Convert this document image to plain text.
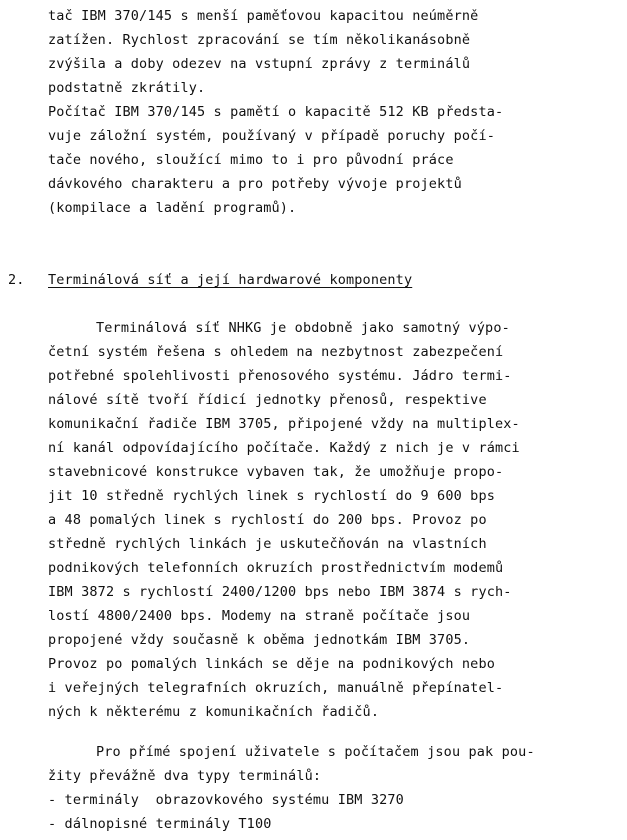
tač IBM 370/145 s menší paměťovou kapacitou neúměrně
zatížen. Rychlost zpracování se tím několikanásobně
zvýšila a doby odezev na vstupní zprávy z terminálů
podstatně zkrátily.
Počítač IBM 370/145 s pamětí o kapacitě 512 KB předsta-
vuje záložní systém, používaný v případě poruchy počí-
tače nového, sloužící mimo to i pro původní práce
dávkového charakteru a pro potřeby vývoje projektů
(kompilace a ladění programů).
2. Terminálová síť a její hardwarové komponenty
Terminálová síť NHKG je obdobně jako samotný výpo-
četní systém řešena s ohledem na nezbytnost zabezpečení
potřebné spolehlivosti přenosového systému. Jádro termi-
nálové sítě tvoří řídicí jednotky přenosů, respektive
komunikační řadiče IBM 3705, připojené vždy na multiplex-
ní kanál odpovídajícího počítače. Každý z nich je v rámci
stavebnicové konstrukce vybaven tak, že umožňuje propo-
jit 10 středně rychlých linek s rychlostí do 9 600 bps
a 48 pomalých linek s rychlostí do 200 bps. Provoz po
středně rychlých linkách je uskutečňován na vlastních
podnikových telefonních okruzích prostřednictvím modemů
IBM 3872 s rychlostí 2400/1200 bps nebo IBM 3874 s rych-
lostí 4800/2400 bps. Modemy na straně počítače jsou
propojené vždy současně k oběma jednotkám IBM 3705.
Provoz po pomalých linkách se děje na podnikových nebo
i veřejných telegrafních okruzích, manuálně přepínatel-
ných k některému z komunikačních řadičů.
Pro přímé spojení uživatele s počítačem jsou pak pou-
žity převážně dva typy terminálů:
- terminály  obrazovkového systému IBM 3270
- dálnopisné terminály T100
